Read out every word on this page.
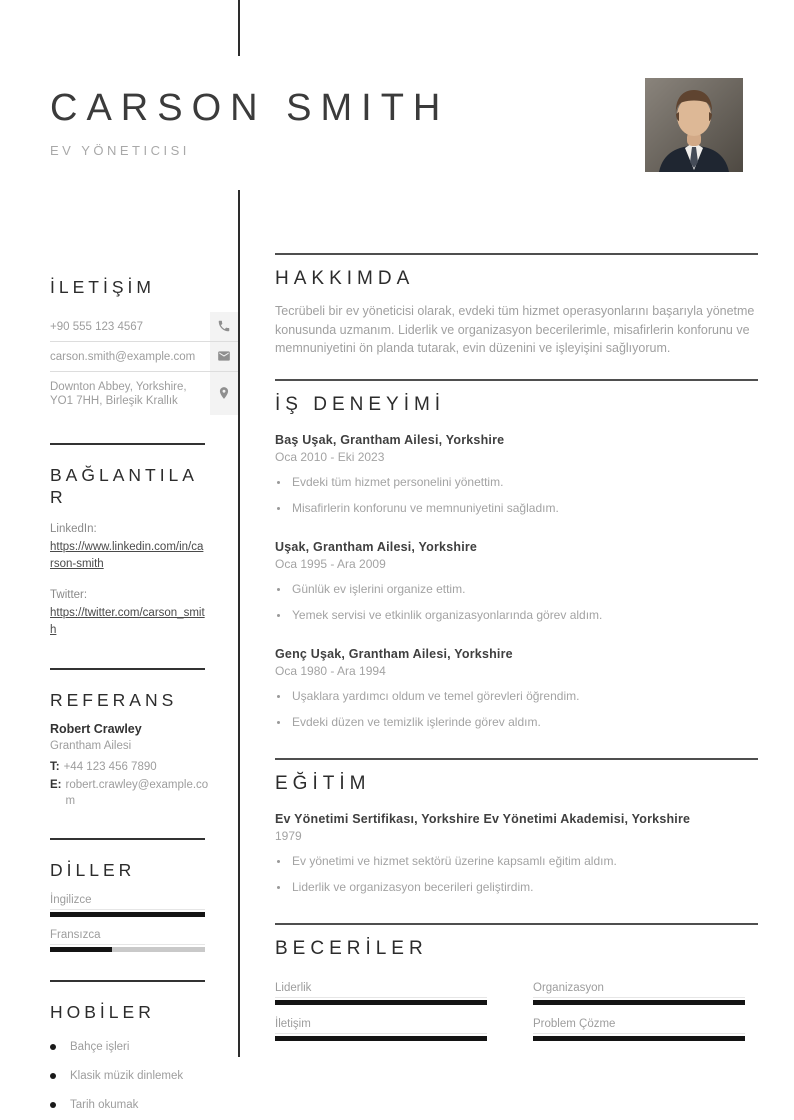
CARSON SMITH
EV YÖNETICISI
İLETİŞİM
+90 555 123 4567
carson.smith@example.com
Downton Abbey, Yorkshire, YO1 7HH, Birleşik Krallık
BAĞLANTILAR
LinkedIn:
https://www.linkedin.com/in/carson-smith
Twitter:
https://twitter.com/carson_smith
REFERANS
Robert Crawley
Grantham Ailesi
T: +44 123 456 7890
E: robert.crawley@example.com
DİLLER
İngilizce
Fransızca
HOBİLER
Bahçe işleri
Klasik müzik dinlemek
Tarih okumak
HAKKIMDA

Tecrübeli bir ev yöneticisi olarak, evdeki tüm hizmet operasyonlarını başarıyla yönetme konusunda uzmanım. Liderlik ve organizasyon becerilerimle, misafirlerin konforunu ve memnuniyetini ön planda tutarak, evin düzenini ve işleyişini sağlıyorum.

İŞ DENEYİMİ
Baş Uşak, Grantham Ailesi, Yorkshire
Oca 2010 - Eki 2023
Evdeki tüm hizmet personelini yönettim.
Misafirlerin konforunu ve memnuniyetini sağladım.
Uşak, Grantham Ailesi, Yorkshire
Oca 1995 - Ara 2009
Günlük ev işlerini organize ettim.
Yemek servisi ve etkinlik organizasyonlarında görev aldım.
Genç Uşak, Grantham Ailesi, Yorkshire
Oca 1980 - Ara 1994
Uşaklara yardımcı oldum ve temel görevleri öğrendim.
Evdeki düzen ve temizlik işlerinde görev aldım.
EĞİTİM
Ev Yönetimi Sertifikası, Yorkshire Ev Yönetimi Akademisi, Yorkshire
1979
Ev yönetimi ve hizmet sektörü üzerine kapsamlı eğitim aldım.
Liderlik ve organizasyon becerileri geliştirdim.
BECERİLER
Liderlik	Organizasyon
İletişim	Problem Çözme
